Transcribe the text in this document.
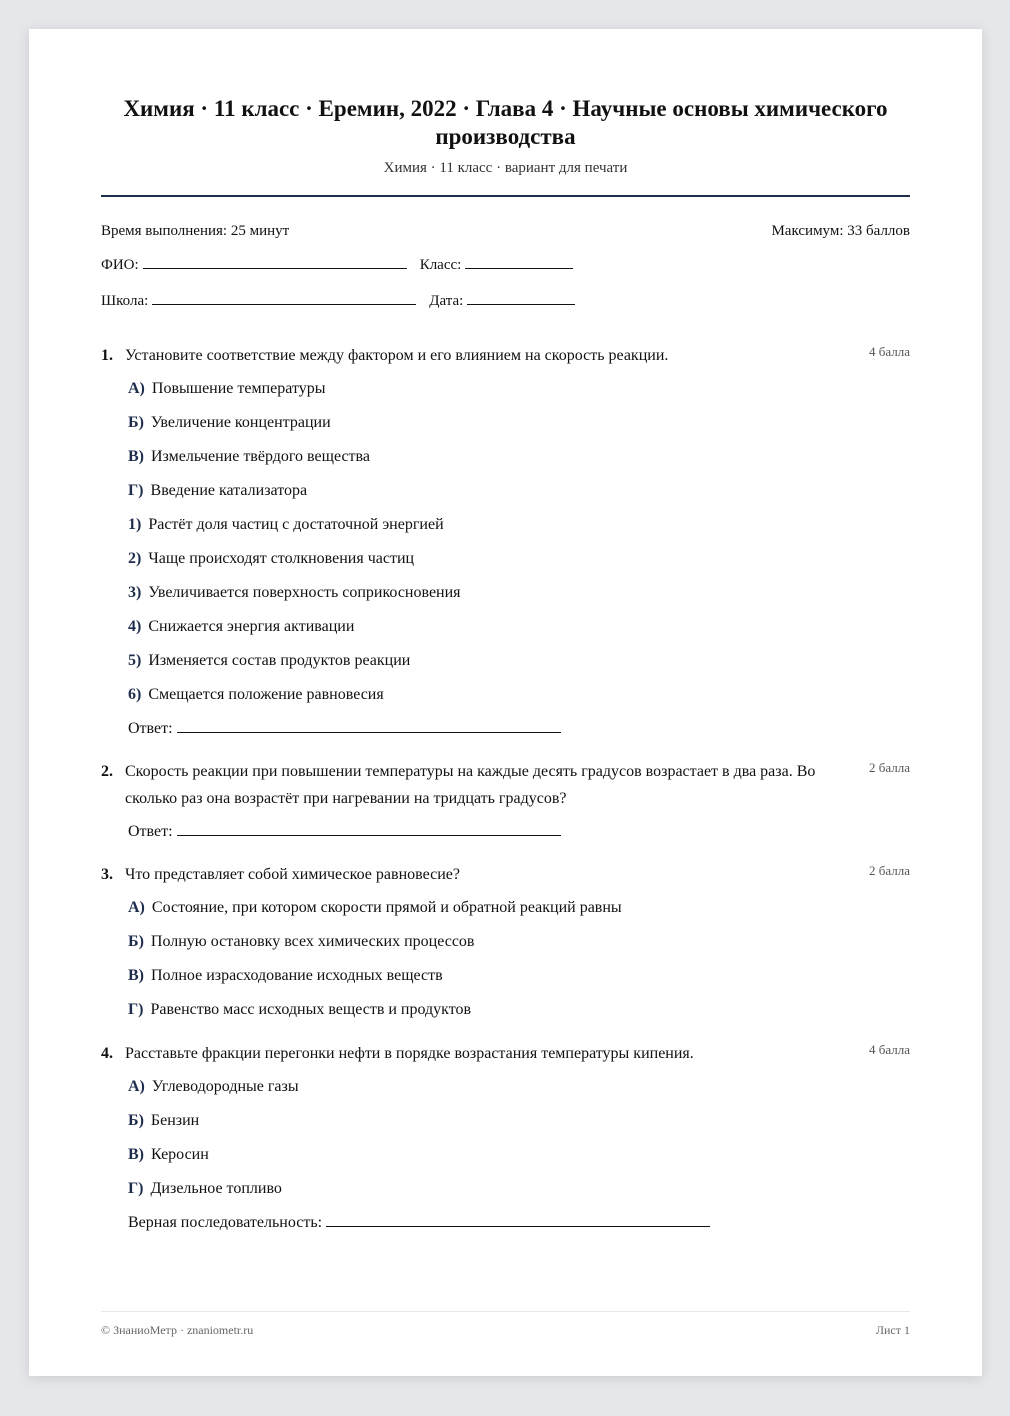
Химия · 11 класс · Еремин, 2022 · Глава 4 · Научные основы химического производства
Химия · 11 класс · вариант для печати
Время выполнения: 25 минут	Максимум: 33 баллов
ФИО:	Класс:
Школа:	Дата:
4 балла
1. Установите соответствие между фактором и его влиянием на скорость реакции.
А) Повышение температуры
Б) Увеличение концентрации
В) Измельчение твёрдого вещества
Г) Введение катализатора
1) Растёт доля частиц с достаточной энергией
2) Чаще происходят столкновения частиц
3) Увеличивается поверхность соприкосновения
4) Снижается энергия активации
5) Изменяется состав продуктов реакции
6) Смещается положение равновесия
Ответ:
2 балла
2. Скорость реакции при повышении температуры на каждые десять градусов возрастает в два раза. Во сколько раз она возрастёт при нагревании на тридцать градусов?
Ответ:
2 балла
3. Что представляет собой химическое равновесие?
А) Состояние, при котором скорости прямой и обратной реакций равны
Б) Полную остановку всех химических процессов
В) Полное израсходование исходных веществ
Г) Равенство масс исходных веществ и продуктов
4 балла
4. Расставьте фракции перегонки нефти в порядке возрастания температуры кипения.
А) Углеводородные газы
Б) Бензин
В) Керосин
Г) Дизельное топливо
Верная последовательность:
© ЗнаниоМетр · znaniometr.ru	Лист 1
